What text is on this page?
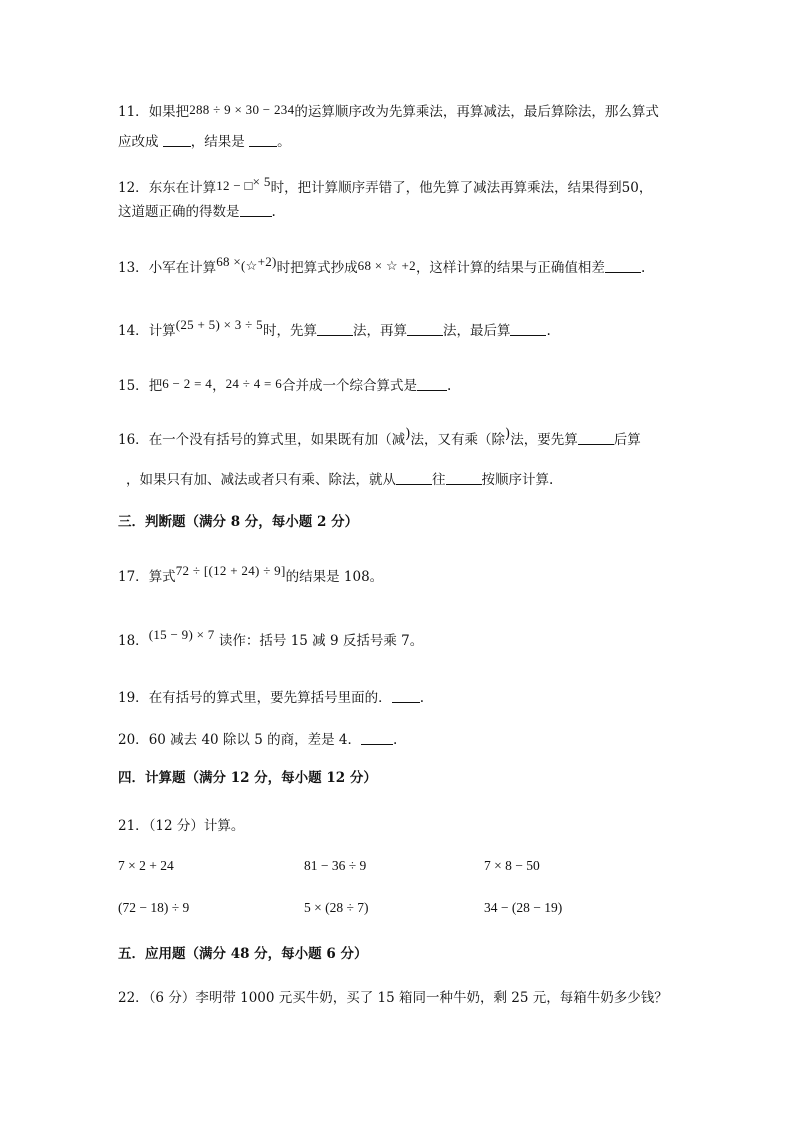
11．如果把288 ÷ 9 × 30 − 234的运算顺序改为先算乘法，再算减法，最后算除法，那么算式
应改成 ，结果是 。
12．东东在计算12 − □× 5时，把计算顺序弄错了，他先算了减法再算乘法，结果得到50，
这道题正确的得数是 .
13．小军在计算68 ×(☆+2)时把算式抄成68 × ☆ +2，这样计算的结果与正确值相差	.
14．计算(25 + 5) × 3 ÷ 5时，先算	法，再算	法，最后算	.
15．把6 − 2 = 4，24 ÷ 4 = 6合并成一个综合算式是 .
16．在一个没有括号的算式里，如果既有加（减)法，又有乘（除)法，要先算	后算
，如果只有加、减法或者只有乘、除法，就从	往	按顺序计算.
三．判断题（满分 8 分，每小题 2 分）
17．算式72 ÷ [(12 + 24) ÷ 9]的结果是 108。
18．(15 − 9) × 7 读作：括号 15 减 9 反括号乘 7。
19．在有括号的算式里，要先算括号里面的． .
20．60 减去 40 除以 5 的商，差是 4． .
四．计算题（满分 12 分，每小题 12 分）
21．（12 分）计算。
7 × 2 + 24	81 − 36 ÷ 9	7 × 8 − 50
(72 − 18) ÷ 9	5 × (28 ÷ 7)	34 − (28 − 19)
五．应用题（满分 48 分，每小题 6 分）
22．（6 分）李明带 1000 元买牛奶，买了 15 箱同一种牛奶，剩 25 元，每箱牛奶多少钱？
